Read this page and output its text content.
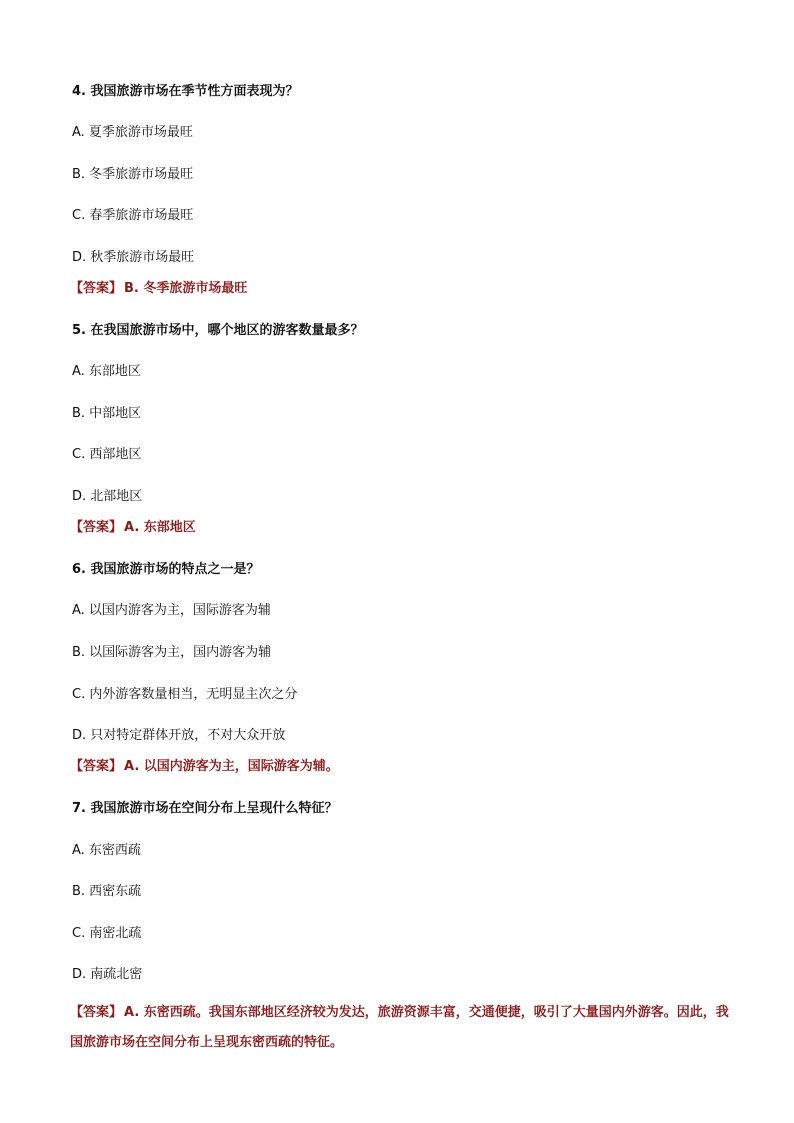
4. 我国旅游市场在季节性方面表现为？
A. 夏季旅游市场最旺
B. 冬季旅游市场最旺
C. 春季旅游市场最旺
D. 秋季旅游市场最旺
【答案】 B. 冬季旅游市场最旺
5. 在我国旅游市场中，哪个地区的游客数量最多？
A. 东部地区
B. 中部地区
C. 西部地区
D. 北部地区
【答案】 A. 东部地区
6. 我国旅游市场的特点之一是？
A. 以国内游客为主，国际游客为辅
B. 以国际游客为主，国内游客为辅
C. 内外游客数量相当，无明显主次之分
D. 只对特定群体开放，不对大众开放
【答案】 A. 以国内游客为主，国际游客为辅。
7. 我国旅游市场在空间分布上呈现什么特征？
A. 东密西疏
B. 西密东疏
C. 南密北疏
D. 南疏北密
【答案】 A. 东密西疏。我国东部地区经济较为发达，旅游资源丰富，交通便捷，吸引了大量国内外游客。因此，我国旅游市场在空间分布上呈现东密西疏的特征。
